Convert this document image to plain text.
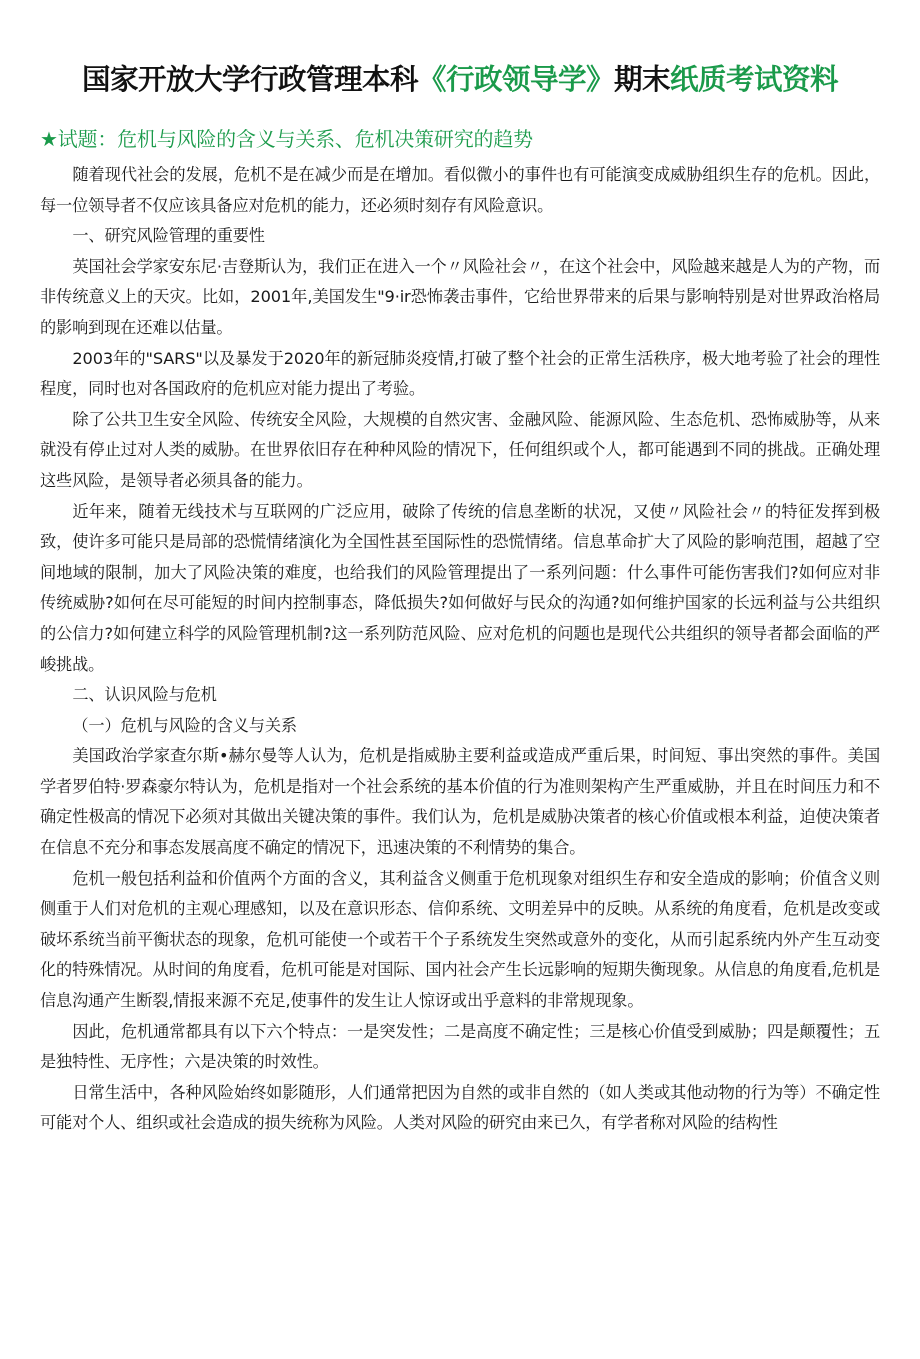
国家开放大学行政管理本科《行政领导学》期末纸质考试资料
★试题：危机与风险的含义与关系、危机决策研究的趋势

随着现代社会的发展，危机不是在减少而是在增加。看似微小的事件也有可能演变成威胁组织生存的危机。因此，每一位领导者不仅应该具备应对危机的能力，还必须时刻存有风险意识。

一、研究风险管理的重要性

英国社会学家安东尼·吉登斯认为，我们正在进入一个〃风险社会〃，在这个社会中，风险越来越是人为的产物，而非传统意义上的天灾。比如，2001年,美国发生"9·ir恐怖袭击事件，它给世界带来的后果与影响特别是对世界政治格局的影响到现在还难以估量。

2003年的"SARS"以及暴发于2020年的新冠肺炎疫情,打破了整个社会的正常生活秩序，极大地考验了社会的理性程度，同时也对各国政府的危机应对能力提出了考验。

除了公共卫生安全风险、传统安全风险，大规模的自然灾害、金融风险、能源风险、生态危机、恐怖威胁等，从来就没有停止过对人类的威胁。在世界依旧存在种种风险的情况下，任何组织或个人，都可能遇到不同的挑战。正确处理这些风险，是领导者必须具备的能力。

近年来，随着无线技术与互联网的广泛应用，破除了传统的信息垄断的状况，又使〃风险社会〃的特征发挥到极致，使许多可能只是局部的恐慌情绪演化为全国性甚至国际性的恐慌情绪。信息革命扩大了风险的影响范围，超越了空间地域的限制，加大了风险决策的难度，也给我们的风险管理提出了一系列问题：什么事件可能伤害我们?如何应对非传统威胁?如何在尽可能短的时间内控制事态，降低损失?如何做好与民众的沟通?如何维护国家的长远利益与公共组织的公信力?如何建立科学的风险管理机制?这一系列防范风险、应对危机的问题也是现代公共组织的领导者都会面临的严峻挑战。

二、认识风险与危机

（一）危机与风险的含义与关系

美国政治学家查尔斯•赫尔曼等人认为，危机是指威胁主要利益或造成严重后果，时间短、事出突然的事件。美国学者罗伯特·罗森豪尔特认为，危机是指对一个社会系统的基本价值的行为准则架构产生严重威胁，并且在时间压力和不确定性极高的情况下必须对其做出关键决策的事件。我们认为，危机是威胁决策者的核心价值或根本利益，迫使决策者在信息不充分和事态发展高度不确定的情况下，迅速决策的不利情势的集合。

危机一般包括利益和价值两个方面的含义，其利益含义侧重于危机现象对组织生存和安全造成的影响；价值含义则侧重于人们对危机的主观心理感知，以及在意识形态、信仰系统、文明差异中的反映。从系统的角度看，危机是改变或破坏系统当前平衡状态的现象，危机可能使一个或若干个子系统发生突然或意外的变化，从而引起系统内外产生互动变化的特殊情况。从时间的角度看，危机可能是对国际、国内社会产生长远影响的短期失衡现象。从信息的角度看,危机是信息沟通产生断裂,情报来源不充足,使事件的发生让人惊讶或出乎意料的非常规现象。

因此，危机通常都具有以下六个特点：一是突发性；二是高度不确定性；三是核心价值受到威胁；四是颠覆性；五是独特性、无序性；六是决策的时效性。

日常生活中，各种风险始终如影随形，人们通常把因为自然的或非自然的（如人类或其他动物的行为等）不确定性可能对个人、组织或社会造成的损失统称为风险。人类对风险的研究由来已久，有学者称对风险的结构性
